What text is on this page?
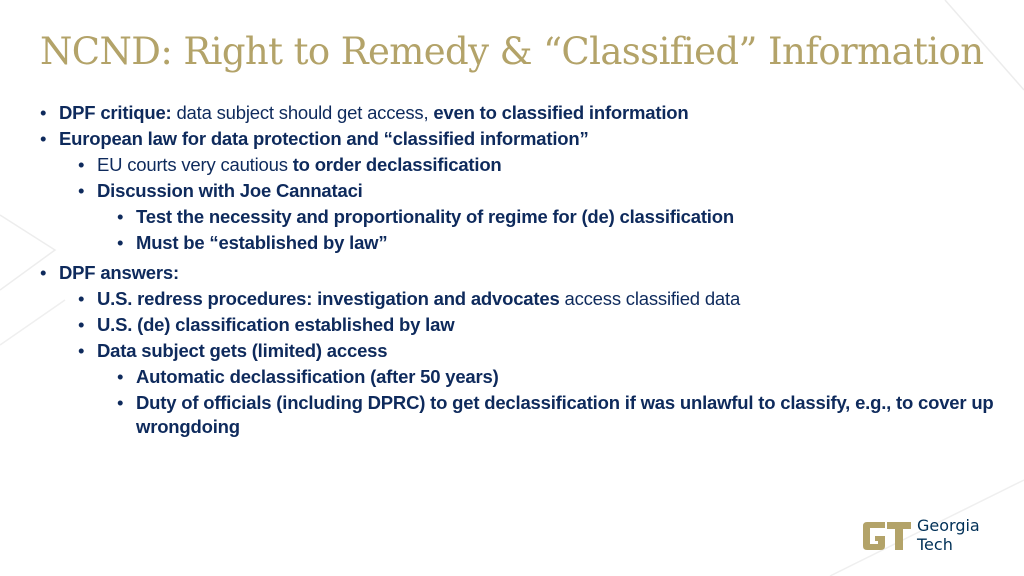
NCND: Right to Remedy & “Classified” Information
• DPF critique: data subject should get access, even to classified information
• European law for data protection and “classified information”
• EU courts very cautious to order declassification
• Discussion with Joe Cannataci
• Test the necessity and proportionality of regime for (de) classification
• Must be “established by law”
• DPF answers:
• U.S. redress procedures: investigation and advocates access classified data
• U.S. (de) classification established by law
• Data subject gets (limited) access
• Automatic declassification (after 50 years)
• Duty of officials (including DPRC) to get declassification if was unlawful to classify, e.g., to cover up wrongdoing
Georgia
Tech
